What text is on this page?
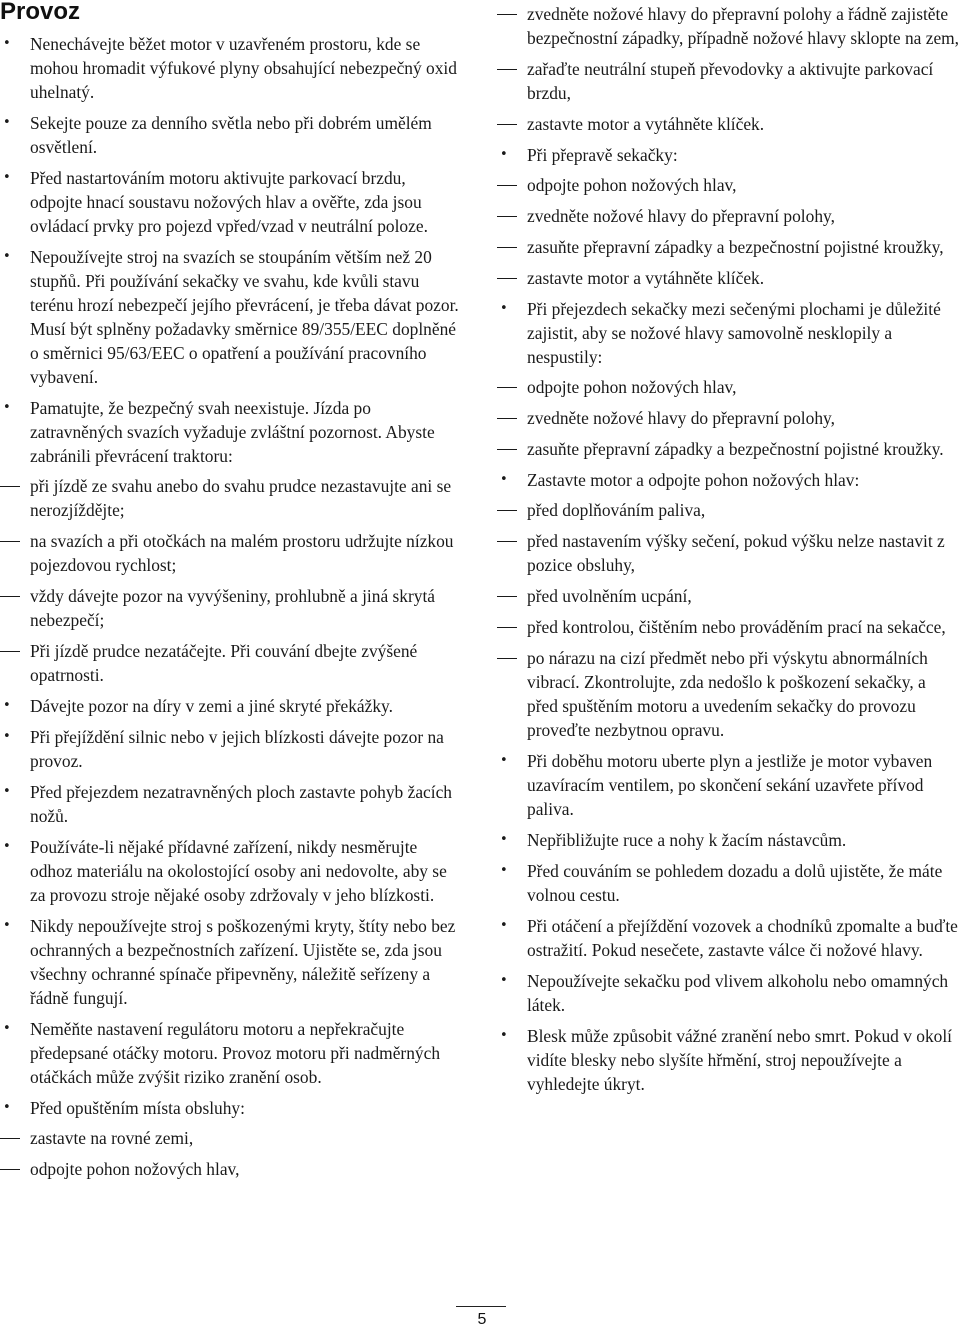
Provoz
• Nenechávejte běžet motor v uzavřeném prostoru, kde se mohou hromadit výfukové plyny obsahující nebezpečný oxid uhelnatý.
• Sekejte pouze za denního světla nebo při dobrém umělém osvětlení.
• Před nastartováním motoru aktivujte parkovací brzdu, odpojte hnací soustavu nožových hlav a ověřte, zda jsou ovládací prvky pro pojezd vpřed/vzad v neutrální poloze.
• Nepoužívejte stroj na svazích se stoupáním větším než 20 stupňů. Při používání sekačky ve svahu, kde kvůli stavu terénu hrozí nebezpečí jejího převrácení, je třeba dávat pozor. Musí být splněny požadavky směrnice 89/355/EEC doplněné o směrnici 95/63/EEC o opatření a používání pracovního vybavení.
• Pamatujte, že bezpečný svah neexistuje. Jízda po zatravněných svazích vyžaduje zvláštní pozornost. Abyste zabránili převrácení traktoru:
při jízdě ze svahu anebo do svahu prudce nezastavujte ani se nerozjíždějte;
na svazích a při otočkách na malém prostoru udržujte nízkou pojezdovou rychlost;
vždy dávejte pozor na vyvýšeniny, prohlubně a jiná skrytá nebezpečí;
Při jízdě prudce nezatáčejte. Při couvání dbejte zvýšené opatrnosti.
• Dávejte pozor na díry v zemi a jiné skryté překážky.
• Při přejíždění silnic nebo v jejich blízkosti dávejte pozor na provoz.
• Před přejezdem nezatravněných ploch zastavte pohyb žacích nožů.
• Používáte-li nějaké přídavné zařízení, nikdy nesměrujte odhoz materiálu na okolostojící osoby ani nedovolte, aby se za provozu stroje nějaké osoby zdržovaly v jeho blízkosti.
• Nikdy nepoužívejte stroj s poškozenými kryty, štíty nebo bez ochranných a bezpečnostních zařízení. Ujistěte se, zda jsou všechny ochranné spínače připevněny, náležitě seřízeny a řádně fungují.
• Neměňte nastavení regulátoru motoru a nepřekračujte předepsané otáčky motoru. Provoz motoru při nadměrných otáčkách může zvýšit riziko zranění osob.
• Před opuštěním místa obsluhy:
zastavte na rovné zemi,
odpojte pohon nožových hlav,
zvedněte nožové hlavy do přepravní polohy a řádně zajistěte bezpečnostní západky, případně nožové hlavy sklopte na zem,
zařaďte neutrální stupeň převodovky a aktivujte parkovací brzdu,
zastavte motor a vytáhněte klíček.
• Při přepravě sekačky:
odpojte pohon nožových hlav,
zvedněte nožové hlavy do přepravní polohy,
zasuňte přepravní západky a bezpečnostní pojistné kroužky,
zastavte motor a vytáhněte klíček.
• Při přejezdech sekačky mezi sečenými plochami je důležité zajistit, aby se nožové hlavy samovolně nesklopily a nespustily:
odpojte pohon nožových hlav,
zvedněte nožové hlavy do přepravní polohy,
zasuňte přepravní západky a bezpečnostní pojistné kroužky.
• Zastavte motor a odpojte pohon nožových hlav:
před doplňováním paliva,
před nastavením výšky sečení, pokud výšku nelze nastavit z pozice obsluhy,
před uvolněním ucpání,
před kontrolou, čištěním nebo prováděním prací na sekačce,
po nárazu na cizí předmět nebo při výskytu abnormálních vibrací. Zkontrolujte, zda nedošlo k poškození sekačky, a před spuštěním motoru a uvedením sekačky do provozu proveďte nezbytnou opravu.
• Při doběhu motoru uberte plyn a jestliže je motor vybaven uzavíracím ventilem, po skončení sekání uzavřete přívod paliva.
• Nepřibližujte ruce a nohy k žacím nástavcům.
• Před couváním se pohledem dozadu a dolů ujistěte, že máte volnou cestu.
• Při otáčení a přejíždění vozovek a chodníků zpomalte a buďte ostražití. Pokud nesečete, zastavte válce či nožové hlavy.
• Nepoužívejte sekačku pod vlivem alkoholu nebo omamných látek.
• Blesk může způsobit vážné zranění nebo smrt. Pokud v okolí vidíte blesky nebo slyšíte hřmění, stroj nepoužívejte a vyhledejte úkryt.
5
